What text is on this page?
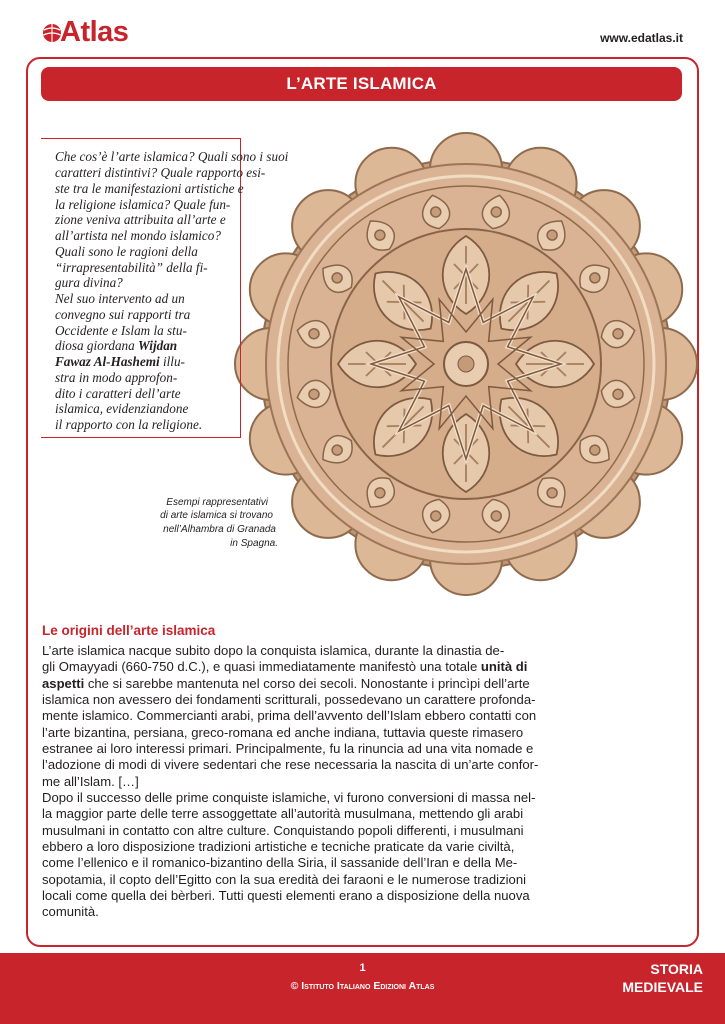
Atlas	www.edatlas.it
L’ARTE ISLAMICA
Che cos’è l’arte islamica? Quali sono i suoi
caratteri distintivi? Quale rapporto esi-
ste tra le manifestazioni artistiche e
la religione islamica? Quale fun-
zione veniva attribuita all’arte e
all’artista nel mondo islamico?
Quali sono le ragioni della
“irrapresentabilità” della fi-
gura divina?
Nel suo intervento ad un
convegno sui rapporti tra
Occidente e Islam la stu-
diosa giordana Wijdan
Fawaz Al-Hashemi illu-
stra in modo approfon-
dito i caratteri dell’arte
islamica, evidenziandone
il rapporto con la religione.
Esempi rappresentativi
di arte islamica si trovano
nell’Alhambra di Granada
in Spagna.
Le origini dell’arte islamica
L’arte islamica nacque subito dopo la conquista islamica, durante la dinastia de-
gli Omayyadi (660-750 d.C.), e quasi immediatamente manifestò una totale unità di
aspetti che si sarebbe mantenuta nel corso dei secoli. Nonostante i princìpi dell’arte
islamica non avessero dei fondamenti scritturali, possedevano un carattere profonda-
mente islamico. Commercianti arabi, prima dell’avvento dell’Islam ebbero contatti con
l’arte bizantina, persiana, greco-romana ed anche indiana, tuttavia queste rimasero
estranee ai loro interessi primari. Principalmente, fu la rinuncia ad una vita nomade e
l’adozione di modi di vivere sedentari che rese necessaria la nascita di un’arte confor-
me all’Islam. […]
Dopo il successo delle prime conquiste islamiche, vi furono conversioni di massa nel-
la maggior parte delle terre assoggettate all’autorità musulmana, mettendo gli arabi
musulmani in contatto con altre culture. Conquistando popoli differenti, i musulmani
ebbero a loro disposizione tradizioni artistiche e tecniche praticate da varie civiltà,
come l’ellenico e il romanico-bizantino della Siria, il sassanide dell’Iran e della Me-
sopotamia, il copto dell’Egitto con la sua eredità dei faraoni e le numerose tradizioni
locali come quella dei bèrberi. Tutti questi elementi erano a disposizione della nuova
comunità.
1
© Istituto Italiano Edizioni Atlas
STORIA
MEDIEVALE
